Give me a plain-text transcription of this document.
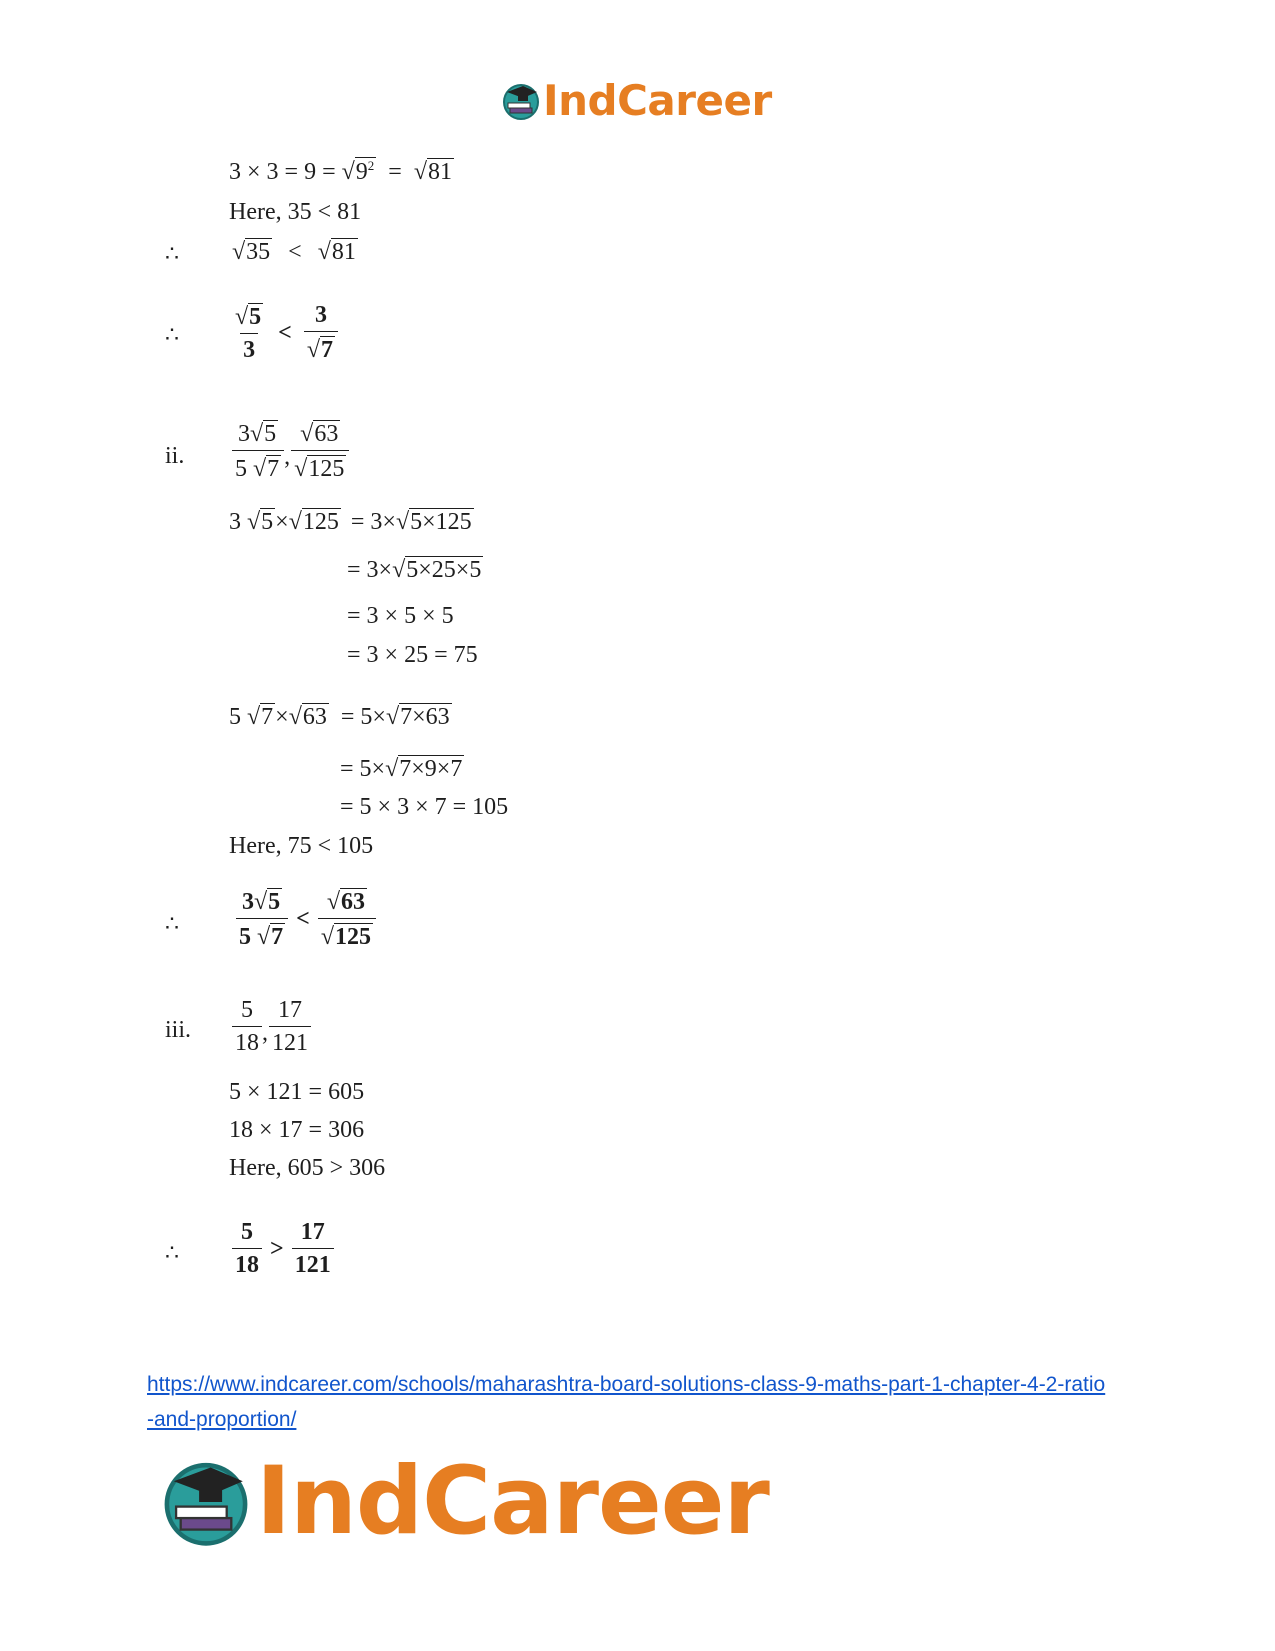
IndCareer
$3 \times 3 = 9 = √9^2 = √81$
Here, 35 < 81
∴ √35 < √81
∴ $\frac{√5}{3} < \frac{3}{√7}$
ii. $\frac{3√5}{5 √7}$ , $\frac{√63}{√125}$
3 √5×√125 = 3×√5×125
= 3×√5×25×5
= 3 × 5 × 5
= 3 × 25 = 75
5 √7×√63 = 5×√7×63
= 5×√7×9×7
= 5 × 3 × 7 = 105
Here, 75 < 105
∴ $\frac{3√5}{5 √7} < \frac{√63}{√125}$
iii. $\frac{5}{18}$ , $\frac{17}{121}$
5 × 121 = 605
18 × 17 = 306
Here, 605 > 306
∴ $\frac{5}{18} > \frac{17}{121}$
https://www.indcareer.com/schools/maharashtra-board-solutions-class-9-maths-part-1-chapter-4-2-ratio-and-proportion/
IndCareer
